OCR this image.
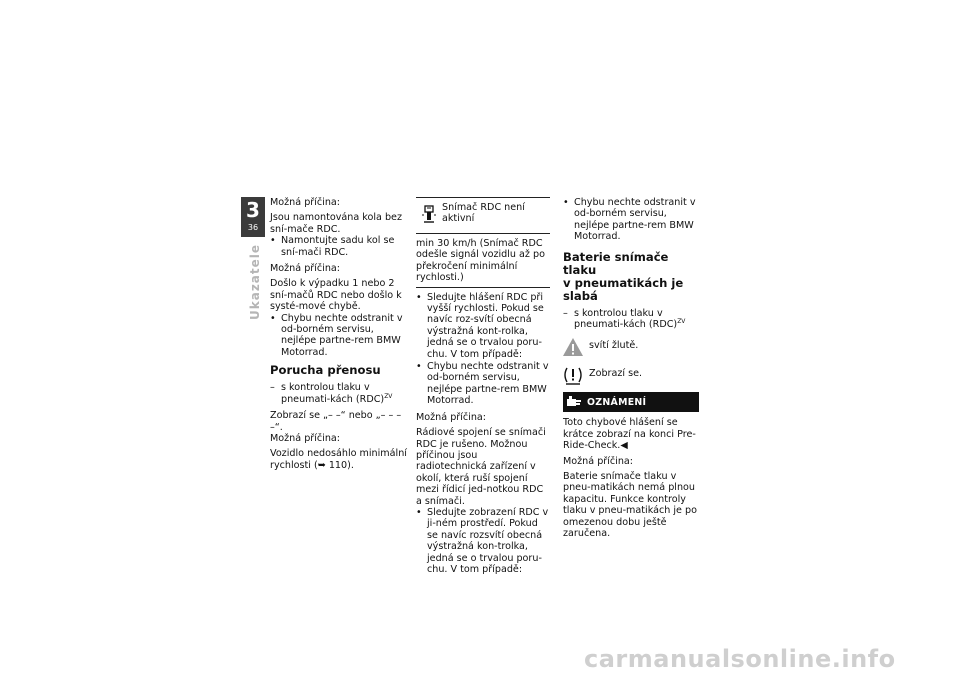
3
36
Ukazatele

Možná příčina:

Jsou namontována kola bez sní-mače RDC.

• Namontujte sadu kol se sní-mači RDC.

Možná příčina:

Došlo k výpadku 1 nebo 2 sní-mačů RDC nebo došlo k systé-mové chybě.

• Chybu nechte odstranit v od-borném servisu, nejlépe partne-rem BMW Motorrad.
Porucha přenosu
– s kontrolou tlaku v pneumati-kách (RDC)$^{ZV}$

Zobrazí se „– –“ nebo „– – – –“.

Možná příčina:

Vozidlo nedosáhlo minimální rychlosti (➥ 110).

Snímač RDC není aktivní
min 30 km/h (Snímač RDC odešle signál vozidlu až po překročení minimální rychlosti.)
• Sledujte hlášení RDC při vyšší rychlosti. Pokud se navíc roz-svítí obecná výstražná kont-rolka, jedná se o trvalou poru-chu. V tom případě:
• Chybu nechte odstranit v od-borném servisu, nejlépe partne-rem BMW Motorrad.

Možná příčina:

Rádiové spojení se snímači RDC je rušeno. Možnou příčinou jsou radiotechnická zařízení v okolí, která ruší spojení mezi řídicí jed-notkou RDC a snímači.

• Sledujte zobrazení RDC v ji-ném prostředí. Pokud se navíc rozsvítí obecná výstražná kon-trolka, jedná se o trvalou poru-chu. V tom případě:
• Chybu nechte odstranit v od-borném servisu, nejlépe partne-rem BMW Motorrad.
Baterie snímače tlaku
v pneumatikách je slabá
– s kontrolou tlaku v pneumati-kách (RDC)$^{ZV}$
svítí žlutě.
Zobrazí se.
OZNÁMENÍ

Toto chybové hlášení se krátce zobrazí na konci Pre-Ride-Check.◀

Možná příčina:

Baterie snímače tlaku v pneu-matikách nemá plnou kapacitu. Funkce kontroly tlaku v pneu-matikách je po omezenou dobu ještě zaručena.

carmanualsonline.info
